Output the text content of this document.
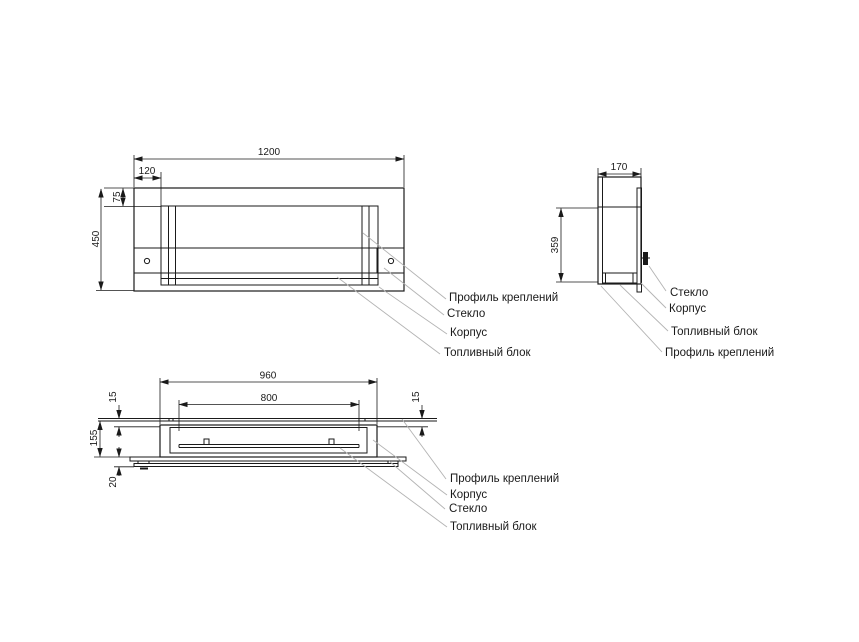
1200
120
75
450
Профиль креплений
Стекло
Корпус
Топливный блок
170
359
Стекло
Корпус
Топливный блок
Профиль креплений
960
800
15	15
155
20	Профиль креплений
Корпус
Стекло
Топливный блок
